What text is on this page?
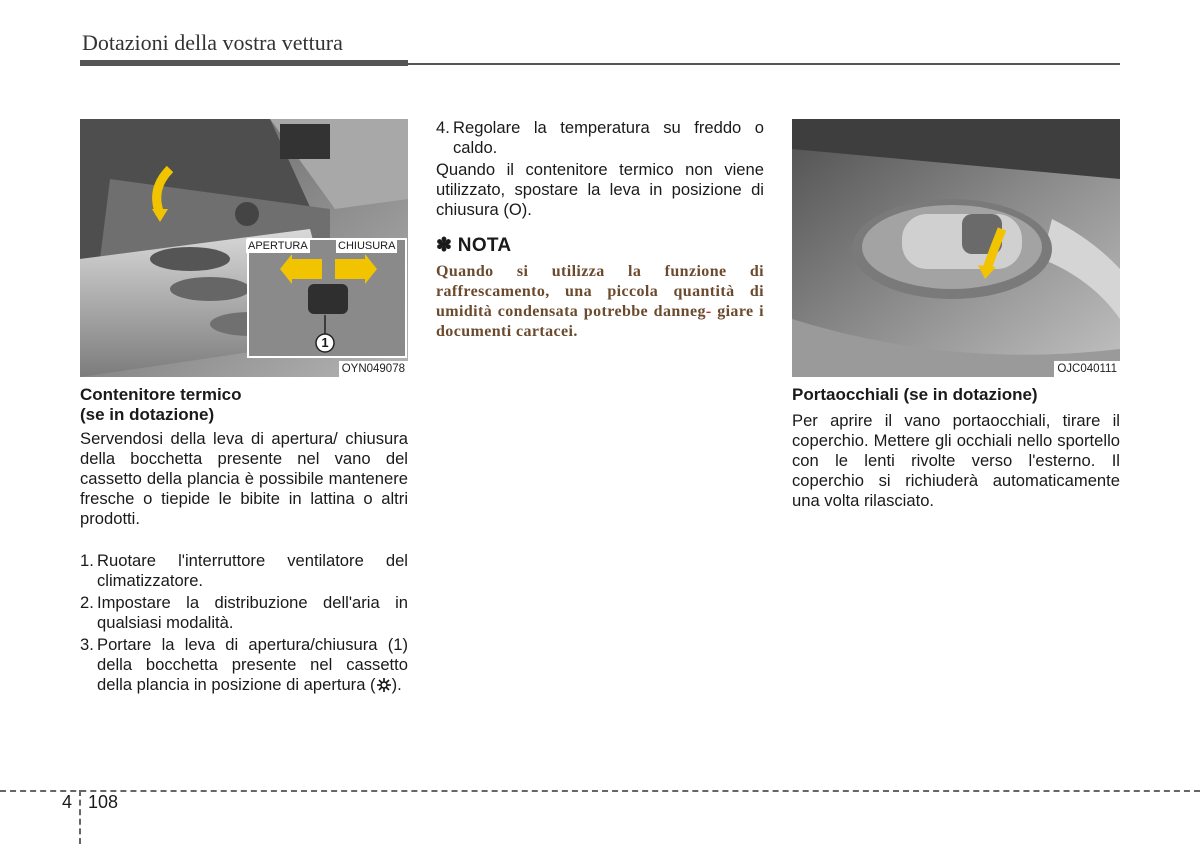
Dotazioni della vostra vettura
APERTURA	CHIUSURA
1
OYN049078	OJC040111
Contenitore termico
(se in dotazione)

Servendosi della leva di apertura/ chiusura della bocchetta presente nel vano del cassetto della plancia è possibile mantenere fresche o tiepide le bibite in lattina o altri prodotti.

1. Ruotare l'interruttore ventilatore del climatizzatore.
2. Impostare la distribuzione dell'aria in qualsiasi modalità.
3. Portare la leva di apertura/chiusura (1) della bocchetta presente nel cassetto della plancia in posizione di apertura ( ).
4. Regolare la temperatura su freddo o caldo.

Quando il contenitore termico non viene utilizzato, spostare la leva in posizione di chiusura (O).

✽ NOTA
Quando si utilizza la funzione di raffrescamento, una piccola quantità di umidità condensata potrebbe danneg- giare i documenti cartacei.
Portaocchiali (se in dotazione)

Per aprire il vano portaocchiali, tirare il coperchio. Mettere gli occhiali nello sportello con le lenti rivolte verso l'esterno. Il coperchio si richiuderà automaticamente una volta rilasciato.

4 108
